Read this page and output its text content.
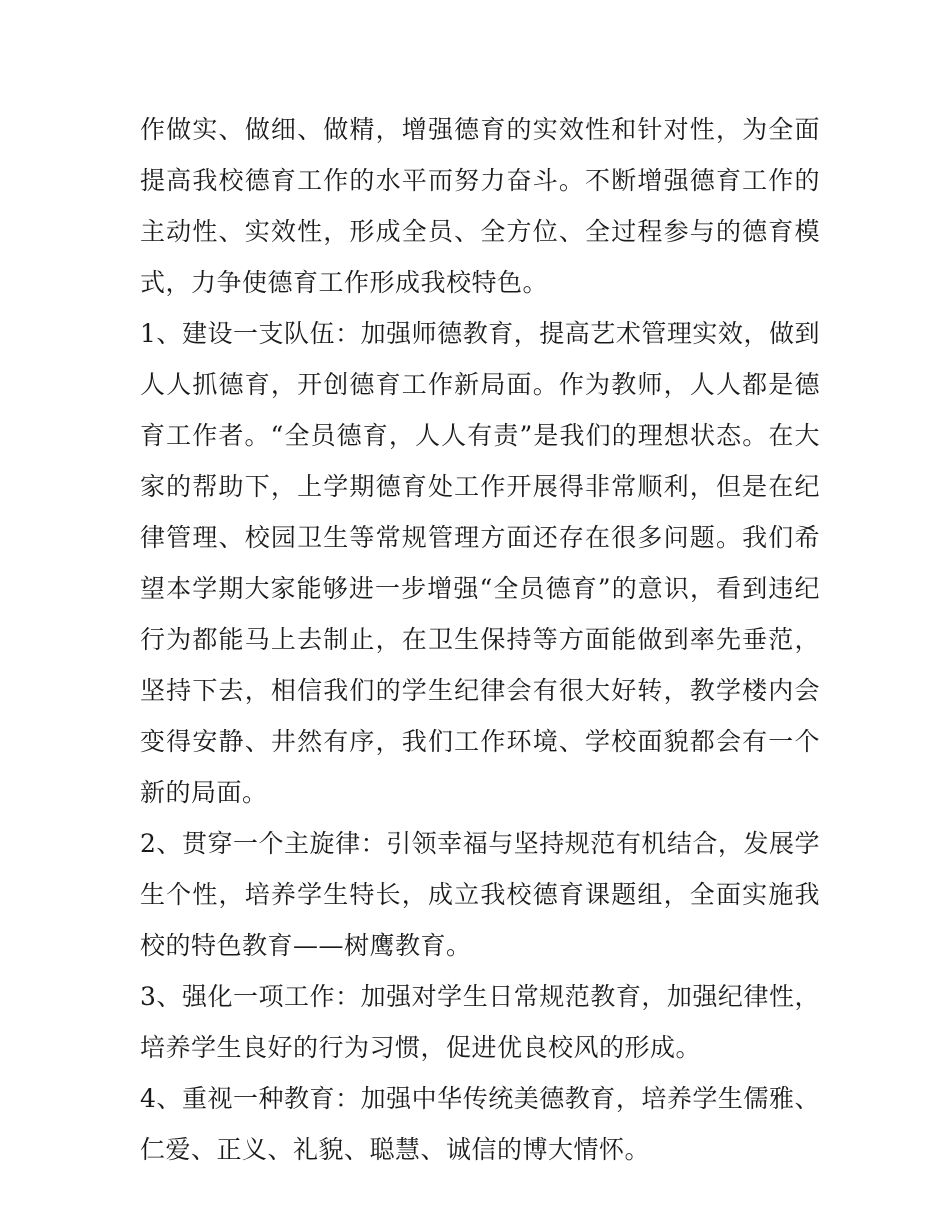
作做实、做细、做精，增强德育的实效性和针对性，为全面提高我校德育工作的水平而努力奋斗。不断增强德育工作的主动性、实效性，形成全员、全方位、全过程参与的德育模式，力争使德育工作形成我校特色。

1、建设一支队伍：加强师德教育，提高艺术管理实效，做到人人抓德育，开创德育工作新局面。作为教师，人人都是德育工作者。“全员德育，人人有责”是我们的理想状态。在大家的帮助下，上学期德育处工作开展得非常顺利，但是在纪律管理、校园卫生等常规管理方面还存在很多问题。我们希望本学期大家能够进一步增强“全员德育”的意识，看到违纪行为都能马上去制止，在卫生保持等方面能做到率先垂范，坚持下去，相信我们的学生纪律会有很大好转，教学楼内会变得安静、井然有序，我们工作环境、学校面貌都会有一个新的局面。

2、贯穿一个主旋律：引领幸福与坚持规范有机结合，发展学生个性，培养学生特长，成立我校德育课题组，全面实施我校的特色教育——树鹰教育。

3、强化一项工作：加强对学生日常规范教育，加强纪律性，培养学生良好的行为习惯，促进优良校风的形成。

4、重视一种教育：加强中华传统美德教育，培养学生儒雅、仁爱、正义、礼貌、聪慧、诚信的博大情怀。
